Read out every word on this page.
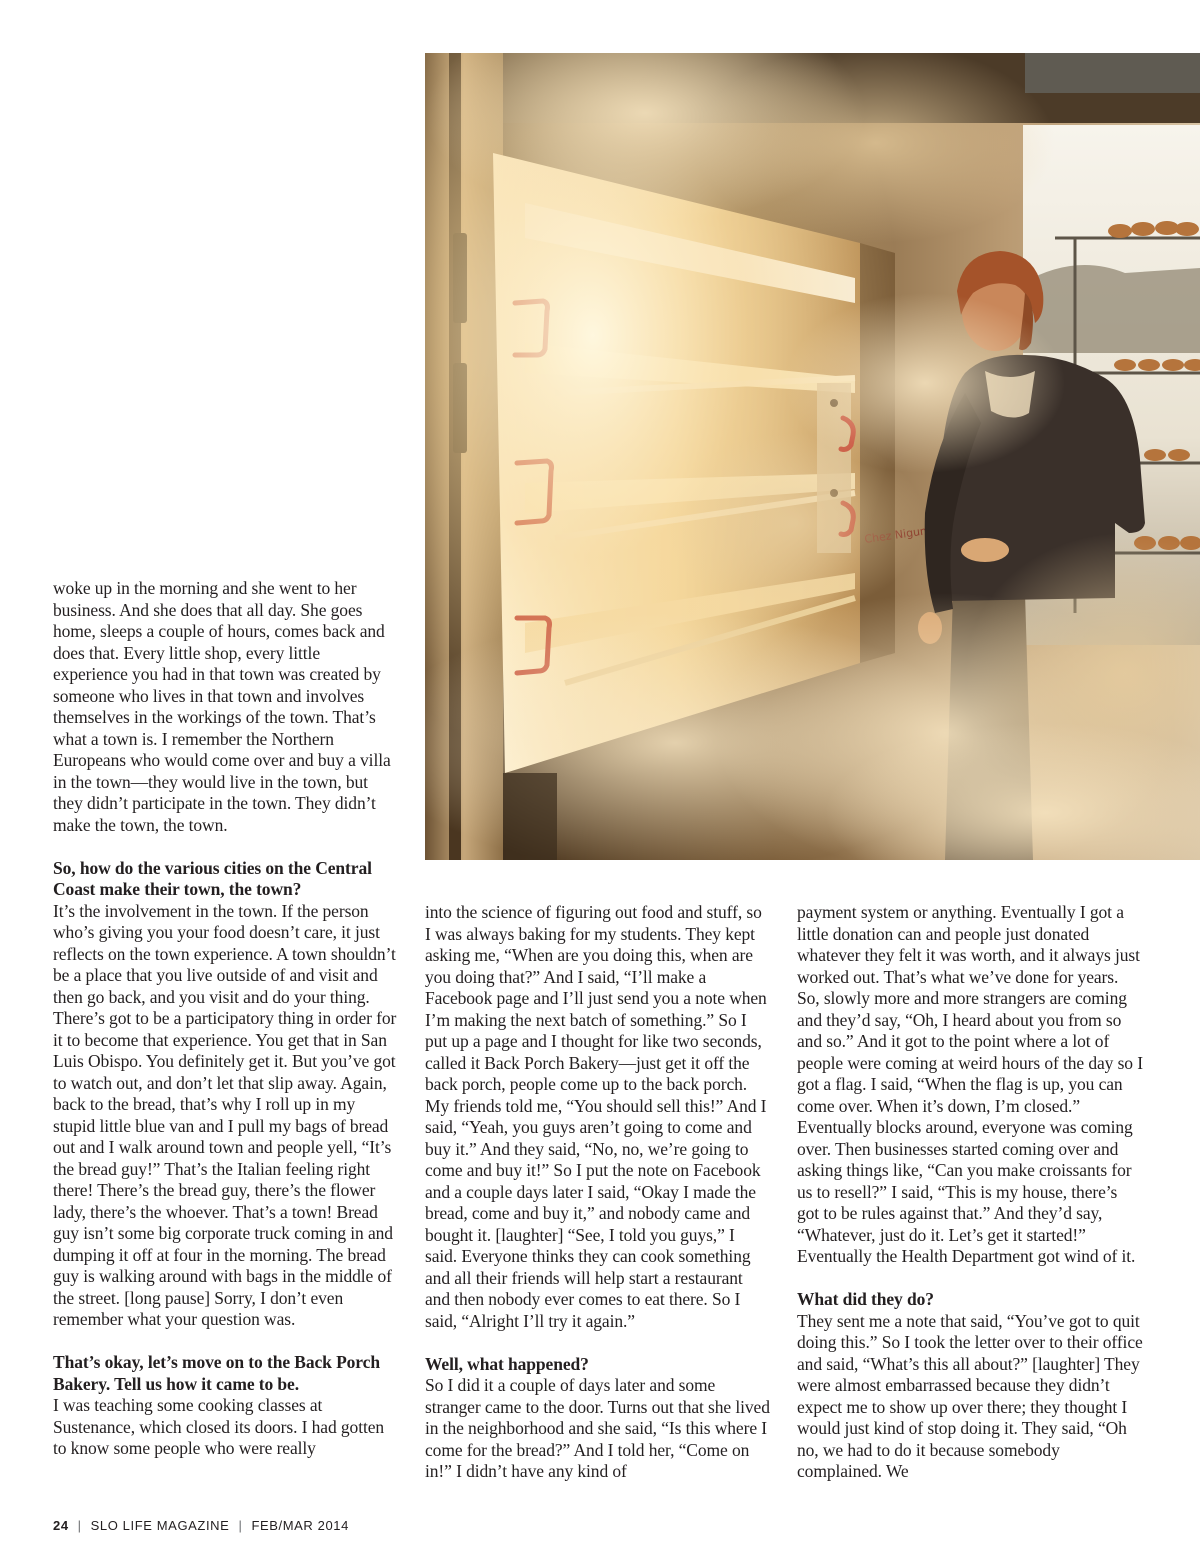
woke up in the morning and she went to her business. And she does that all day. She goes home, sleeps a couple of hours, comes back and does that. Every little shop, every little experience you had in that town was created by someone who lives in that town and involves themselves in the workings of the town. That’s what a town is. I remember the Northern Europeans who would come over and buy a villa in the town—they would live in the town, but they didn’t participate in the town. They didn’t make the town, the town.

So, how do the various cities on the Central Coast make their town, the town?

It’s the involvement in the town. If the person who’s giving you your food doesn’t care, it just reflects on the town experience. A town shouldn’t be a place that you live outside of and visit and then go back, and you visit and do your thing. There’s got to be a participatory thing in order for it to become that experience. You get that in San Luis Obispo. You definitely get it. But you’ve got to watch out, and don’t let that slip away. Again, back to the bread, that’s why I roll up in my stupid little blue van and I pull my bags of bread out and I walk around town and people yell, “It’s the bread guy!” That’s the Italian feeling right there! There’s the bread guy, there’s the flower lady, there’s the whoever. That’s a town! Bread guy isn’t some big corporate truck coming in and dumping it off at four in the morning. The bread guy is walking around with bags in the middle of the street. [long pause] Sorry, I don’t even remember what your question was.

That’s okay, let’s move on to the Back Porch Bakery. Tell us how it came to be.

I was teaching some cooking classes at Sustenance, which closed its doors. I had gotten to know some people who were really

into the science of figuring out food and stuff, so I was always baking for my students. They kept asking me, “When are you doing this, when are you doing that?” And I said, “I’ll make a Facebook page and I’ll just send you a note when I’m making the next batch of something.” So I put up a page and I thought for like two seconds, called it Back Porch Bakery—just get it off the back porch, people come up to the back porch. My friends told me, “You should sell this!” And I said, “Yeah, you guys aren’t going to come and buy it.” And they said, “No, no, we’re going to come and buy it!” So I put the note on Facebook and a couple days later I said, “Okay I made the bread, come and buy it,” and nobody came and bought it. [laughter] “See, I told you guys,” I said. Everyone thinks they can cook something and all their friends will help start a restaurant and then nobody ever comes to eat there. So I said, “Alright I’ll try it again.”

Well, what happened?

So I did it a couple of days later and some stranger came to the door. Turns out that she lived in the neighborhood and she said, “Is this where I come for the bread?” And I told her, “Come on in!” I didn’t have any kind of

payment system or anything. Eventually I got a little donation can and people just donated whatever they felt it was worth, and it always just worked out. That’s what we’ve done for years. So, slowly more and more strangers are coming and they’d say, “Oh, I heard about you from so and so.” And it got to the point where a lot of people were coming at weird hours of the day so I got a flag. I said, “When the flag is up, you can come over. When it’s down, I’m closed.” Eventually blocks around, everyone was coming over. Then businesses started coming over and asking things like, “Can you make croissants for us to resell?” I said, “This is my house, there’s got to be rules against that.” And they’d say, “Whatever, just do it. Let’s get it started!” Eventually the Health Department got wind of it.

What did they do?

They sent me a note that said, “You’ve got to quit doing this.” So I took the letter over to their office and said, “What’s this all about?” [laughter] They were almost embarrassed because they didn’t expect me to show up over there; they thought I would just kind of stop doing it. They said, “Oh no, we had to do it because somebody complained. We

24 | SLO LIFE MAGAZINE | FEB/MAR 2014
